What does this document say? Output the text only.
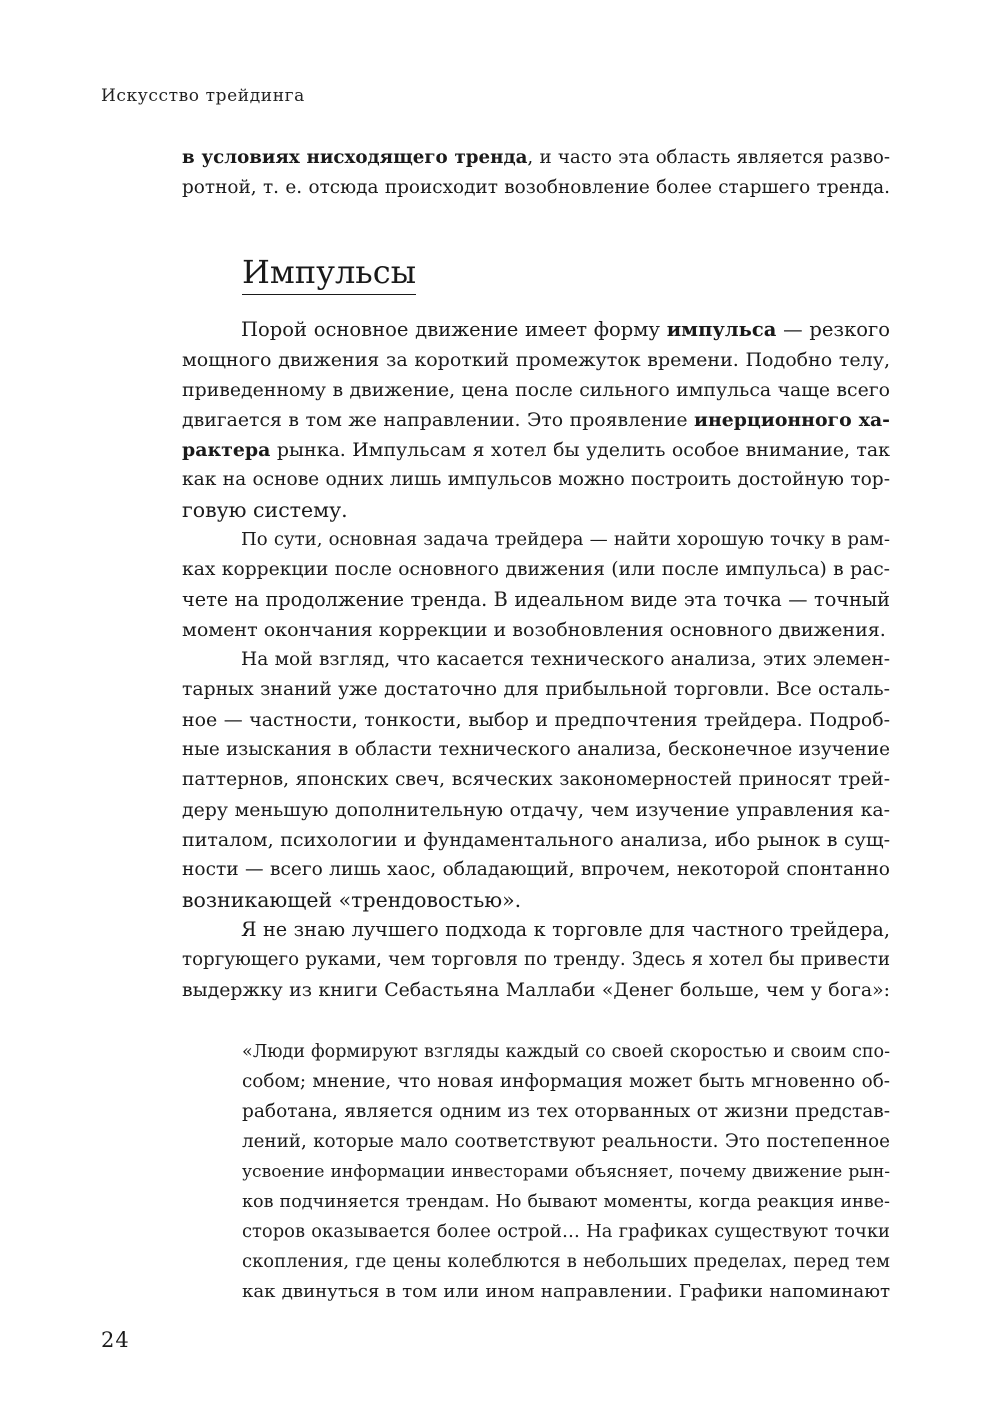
Искусство трейдинга
в условиях нисходящего тренда, и часто эта область является разво-
ротной, т. е. отсюда происходит возобновление более старшего тренда.
Импульсы
Порой основное движение имеет форму импульса — резкого
мощного движения за короткий промежуток времени. Подобно телу,
приведенному в движение, цена после сильного импульса чаще всего
двигается в том же направлении. Это проявление инерционного ха-
рактера рынка. Импульсам я хотел бы уделить особое внимание, так
как на основе одних лишь импульсов можно построить достойную тор-
говую систему.
По сути, основная задача трейдера — найти хорошую точку в рам-
ках коррекции после основного движения (или после импульса) в рас-
чете на продолжение тренда. В идеальном виде эта точка — точный
момент окончания коррекции и возобновления основного движения.
На мой взгляд, что касается технического анализа, этих элемен-
тарных знаний уже достаточно для прибыльной торговли. Все осталь-
ное — частности, тонкости, выбор и предпочтения трейдера. Подроб-
ные изыскания в области технического анализа, бесконечное изучение
паттернов, японских свеч, всяческих закономерностей приносят трей-
деру меньшую дополнительную отдачу, чем изучение управления ка-
питалом, психологии и фундаментального анализа, ибо рынок в сущ-
ности — всего лишь хаос, обладающий, впрочем, некоторой спонтанно
возникающей «трендовостью».
Я не знаю лучшего подхода к торговле для частного трейдера,
торгующего руками, чем торговля по тренду. Здесь я хотел бы привести
выдержку из книги Себастьяна Маллаби «Денег больше, чем у бога»:
«Люди формируют взгляды каждый со своей скоростью и своим спо-
собом; мнение, что новая информация может быть мгновенно об-
работана, является одним из тех оторванных от жизни представ-
лений, которые мало соответствуют реальности. Это постепенное
усвоение информации инвесторами объясняет, почему движение рын-
ков подчиняется трендам. Но бывают моменты, когда реакция инве-
сторов оказывается более острой… На графиках существуют точки
скопления, где цены колеблются в небольших пределах, перед тем
как двинуться в том или ином направлении. Графики напоминают
24
